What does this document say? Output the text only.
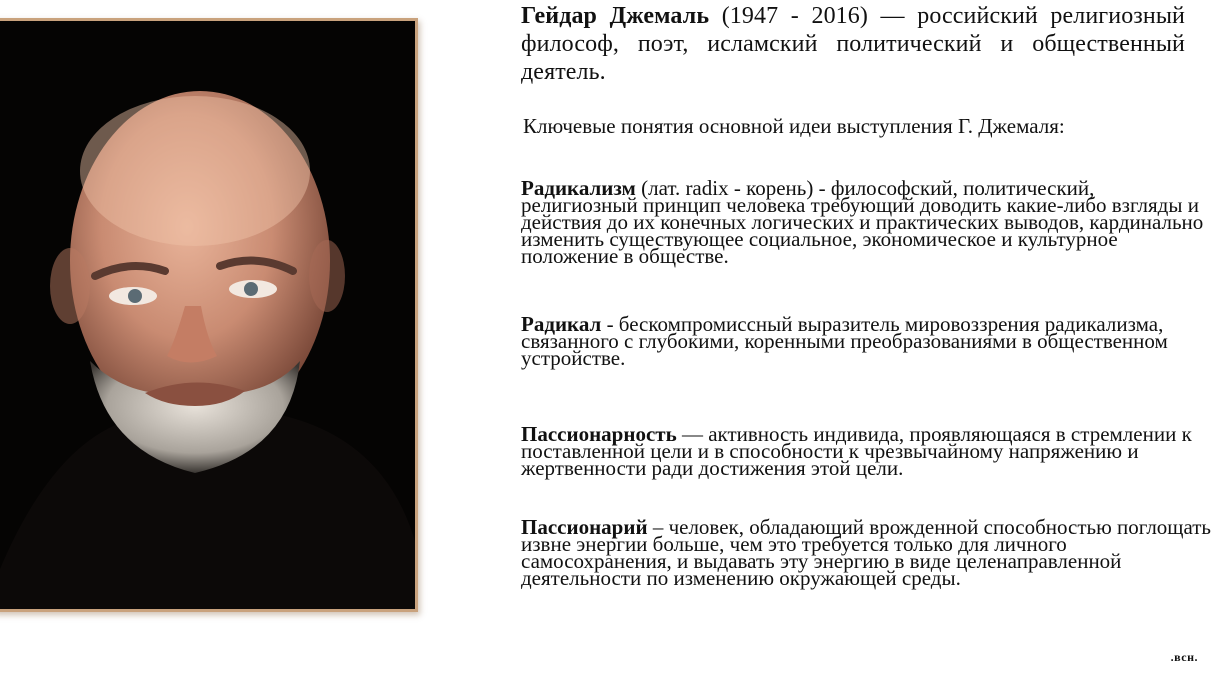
Гейдар Джемаль (1947 - 2016) — российский религиозный философ, поэт, исламский политический и общественный деятель.
Ключевые понятия основной идеи выступления Г. Джемаля:
Радикализм (лат. radix - корень) - философский, политический, религиозный принцип человека требующий доводить какие-либо взгляды и действия до их конечных логических и практических выводов, кардинально изменить существующее социальное, экономическое и культурное положение в обществе.
Радикал - бескомпромиссный выразитель мировоззрения радикализма, связанного с глубокими, коренными преобразованиями в общественном устройстве.
Пассионарность — активность индивида, проявляющаяся в стремлении к поставленной цели и в способности к чрезвычайному напряжению и жертвенности ради достижения этой цели.
Пассионарий – человек, обладающий врожденной способностью поглощать извне энергии больше, чем это требуется только для личного самосохранения, и выдавать эту энергию в виде целенаправленной деятельности по изменению окружающей среды.
.всн.
